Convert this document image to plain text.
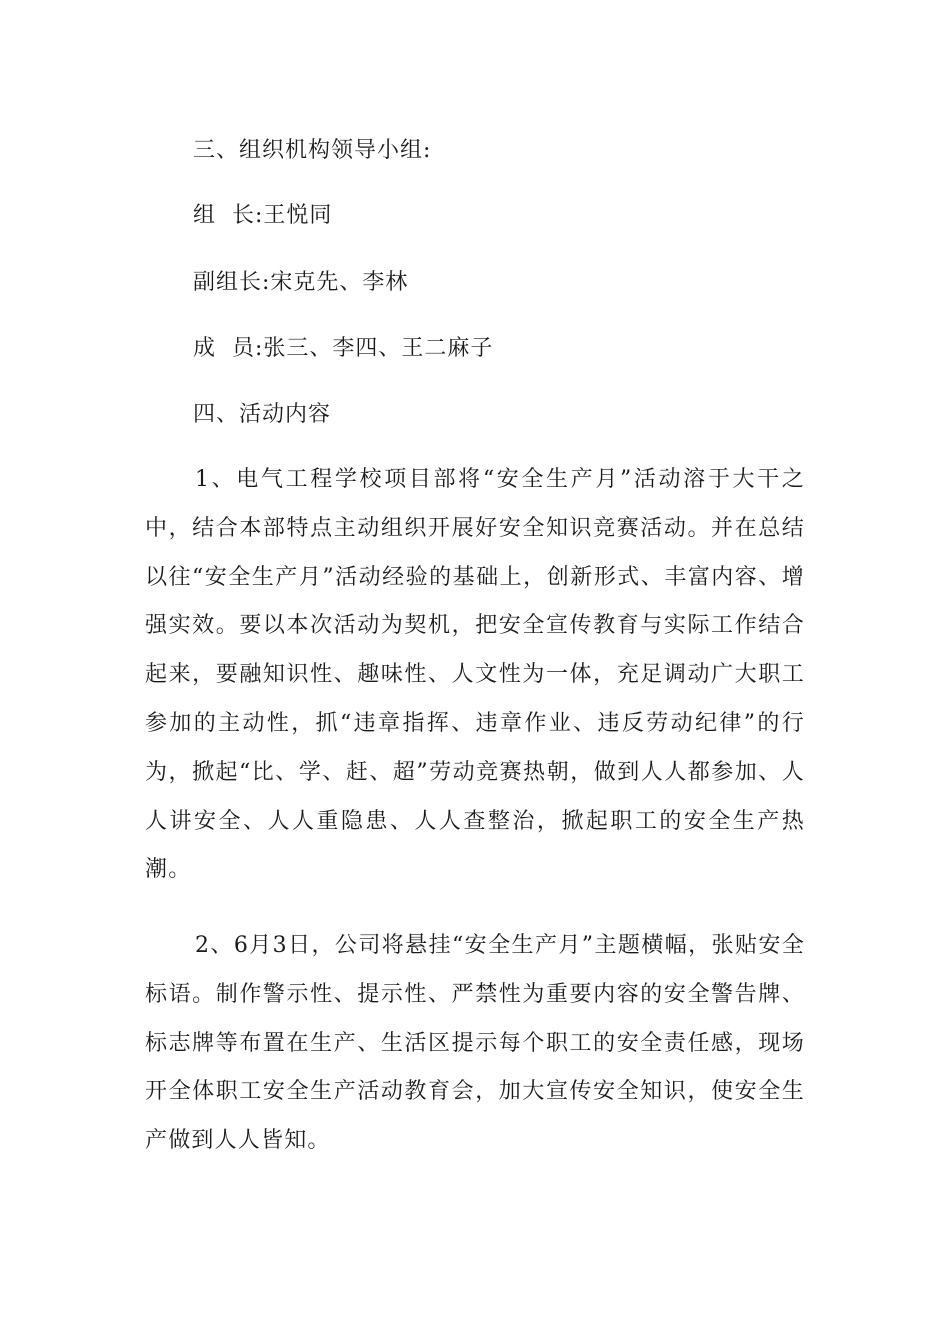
三、组织机构领导小组:
组  长:王悦同
副组长:宋克先、李林
成  员:张三、李四、王二麻子
四、活动内容

1、电气工程学校项目部将“安全生产月”活动溶于大干之中，结合本部特点主动组织开展好安全知识竞赛活动。并在总结以往“安全生产月”活动经验的基础上，创新形式、丰富内容、增强实效。要以本次活动为契机，把安全宣传教育与实际工作结合起来，要融知识性、趣味性、人文性为一体，充足调动广大职工参加的主动性，抓“违章指挥、违章作业、违反劳动纪律”的行为，掀起“比、学、赶、超”劳动竞赛热朝，做到人人都参加、人人讲安全、人人重隐患、人人查整治，掀起职工的安全生产热潮。

2、6月3日，公司将悬挂“安全生产月”主题横幅，张贴安全标语。制作警示性、提示性、严禁性为重要内容的安全警告牌、标志牌等布置在生产、生活区提示每个职工的安全责任感，现场开全体职工安全生产活动教育会，加大宣传安全知识，使安全生产做到人人皆知。
